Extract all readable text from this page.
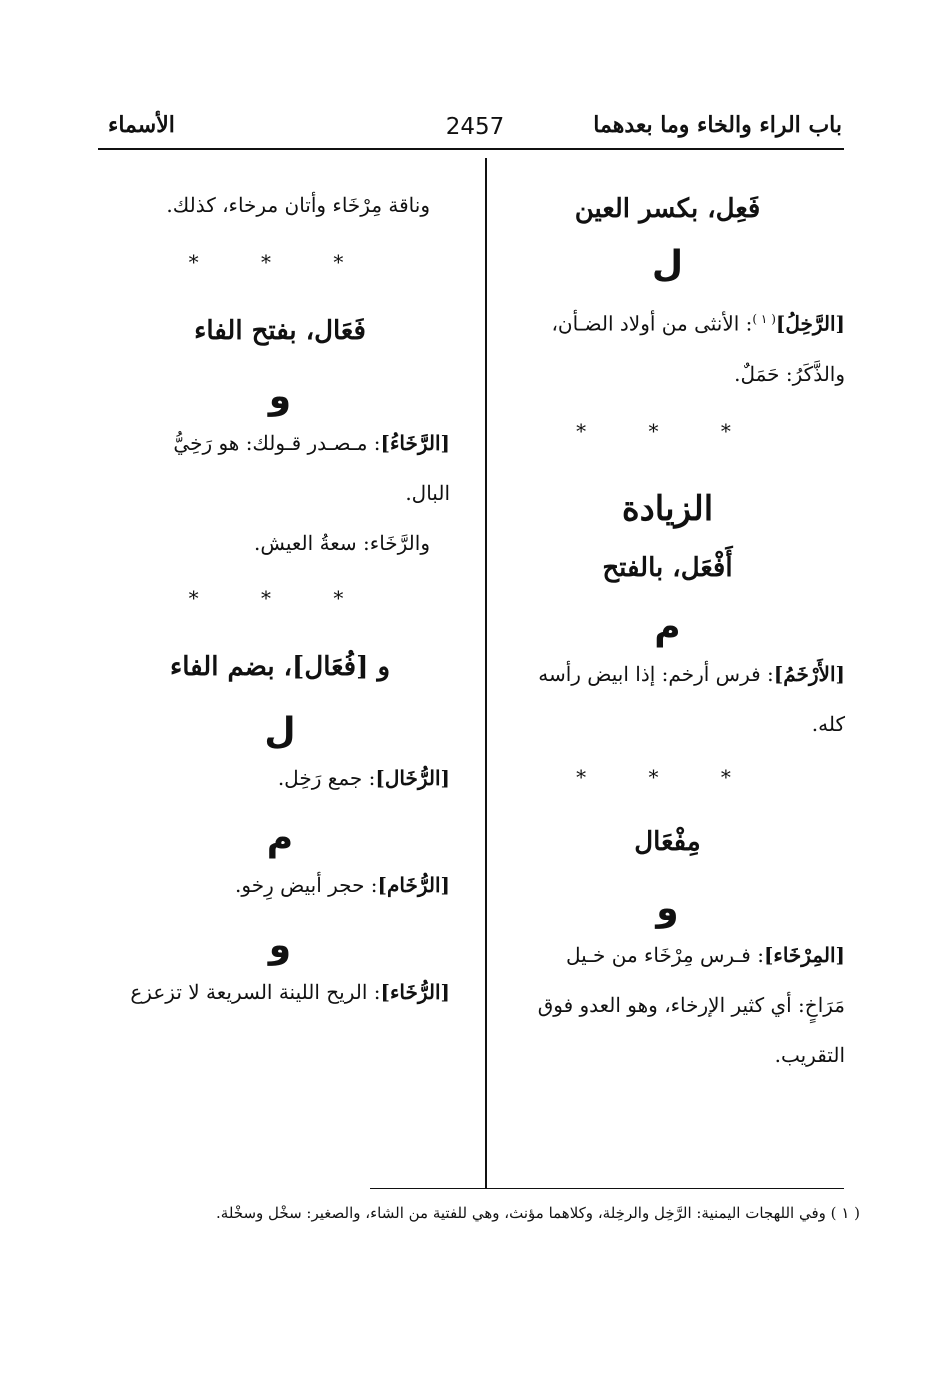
باب الراء والخاء وما بعدهما
2457
الأسماء

فَعِل، بكسر العين

ل

[الرَّخِلُ]$^{( ١ )}$: الأنثى من أولاد الضـأن،

والذَّكَرُ: حَمَلٌ.

* * *

الزيادة

أَفْعَل، بالفتح

م

[الأَرْخَمُ]: فرس أرخم: إذا ابيض رأسه

كله.

* * *

مِفْعَال

و

[المِرْخَاء]: فـرس مِرْخَاء من خـيل

مَرَاخٍ: أي كثير الإرخاء، وهو العدو فوق

التقريب.

وناقة مِرْخَاء وأتان مرخاء، كذلك.

* * *

فَعَال، بفتح الفاء

و

[الرَّخَاءُ]: مـصـدر قـولك: هو رَخِيُّ

البال.

والرَّخَاء: سعةُ العيش.

* * *

و [فُعَال]، بضم الفاء

ل

[الرُّخَال]: جمع رَخِل.

م

[الرُّخَام]: حجر أبيض رِخو.

و

[الرُّخَاء]: الريح اللينة السريعة لا تزعزع

( ١ ) وفي اللهجات اليمنية: الرَّخِل والرخِلة، وكلاهما مؤنث، وهي للفتية من الشاء، والصغير: سخْل وسخْلة.
